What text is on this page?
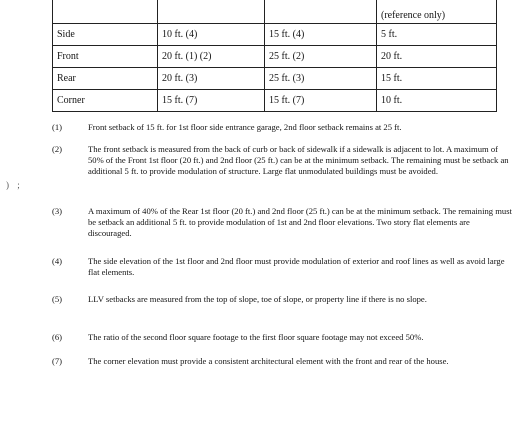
			(reference only)
Side	10 ft. (4)	15 ft. (4)	5 ft.
Front	20 ft. (1) (2)	25 ft. (2)	20 ft.
Rear	20 ft. (3)	25 ft. (3)	15 ft.
Corner	15 ft. (7)	15 ft. (7)	10 ft.
) ;
(1)	Front setback of 15 ft. for 1st floor side entrance garage, 2nd floor setback remains at 25 ft.
(2)	The front setback is measured from the back of curb or back of sidewalk if a sidewalk is adjacent to lot. A maximum of 50% of the Front 1st floor (20 ft.) and 2nd floor (25 ft.) can be at the minimum setback. The remaining must be setback an additional 5 ft. to provide modulation of structure. Large flat unmodulated buildings must be avoided.
(3)	A maximum of 40% of the Rear 1st floor (20 ft.) and 2nd floor (25 ft.) can be at the minimum setback. The remaining must be setback an additional 5 ft. to provide modulation of 1st and 2nd floor elevations. Two story flat elements are discouraged.
(4)	The side elevation of the 1st floor and 2nd floor must provide modulation of exterior and roof lines as well as avoid large flat elements.
(5)	LLV setbacks are measured from the top of slope, toe of slope, or property line if there is no slope.
(6)	The ratio of the second floor square footage to the first floor square footage may not exceed 50%.
(7)	The corner elevation must provide a consistent architectural element with the front and rear of the house.
